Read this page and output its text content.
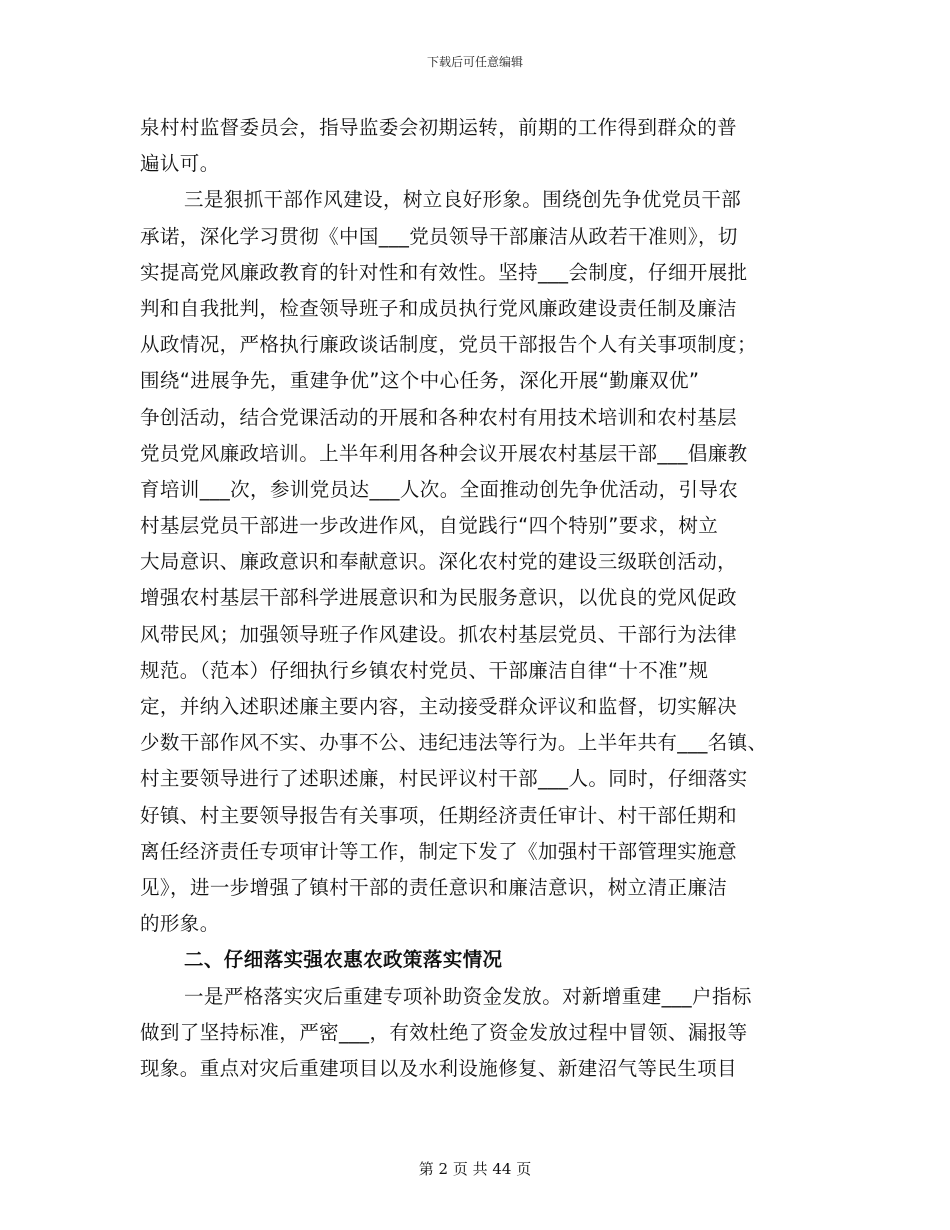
下载后可任意编辑
泉村村监督委员会，指导监委会初期运转，前期的工作得到群众的普
遍认可。
三是狠抓干部作风建设，树立良好形象。围绕创先争优党员干部
承诺，深化学习贯彻《中国___党员领导干部廉洁从政若干准则》，切
实提高党风廉政教育的针对性和有效性。坚持___会制度，仔细开展批
判和自我批判，检查领导班子和成员执行党风廉政建设责任制及廉洁
从政情况，严格执行廉政谈话制度，党员干部报告个人有关事项制度；
围绕“进展争先，重建争优”这个中心任务，深化开展“勤廉双优”
争创活动，结合党课活动的开展和各种农村有用技术培训和农村基层
党员党风廉政培训。上半年利用各种会议开展农村基层干部___倡廉教
育培训___次，参训党员达___人次。全面推动创先争优活动，引导农
村基层党员干部进一步改进作风，自觉践行“四个特别”要求，树立
大局意识、廉政意识和奉献意识。深化农村党的建设三级联创活动，
增强农村基层干部科学进展意识和为民服务意识，以优良的党风促政
风带民风；加强领导班子作风建设。抓农村基层党员、干部行为法律
规范。（范本）仔细执行乡镇农村党员、干部廉洁自律“十不准”规
定，并纳入述职述廉主要内容，主动接受群众评议和监督，切实解决
少数干部作风不实、办事不公、违纪违法等行为。上半年共有___名镇、
村主要领导进行了述职述廉，村民评议村干部___人。同时，仔细落实
好镇、村主要领导报告有关事项，任期经济责任审计、村干部任期和
离任经济责任专项审计等工作，制定下发了《加强村干部管理实施意
见》，进一步增强了镇村干部的责任意识和廉洁意识，树立清正廉洁
的形象。
二、仔细落实强农惠农政策落实情况
一是严格落实灾后重建专项补助资金发放。对新增重建___户指标
做到了坚持标准，严密___，有效杜绝了资金发放过程中冒领、漏报等
现象。重点对灾后重建项目以及水利设施修复、新建沼气等民生项目
第 2 页 共 44 页
